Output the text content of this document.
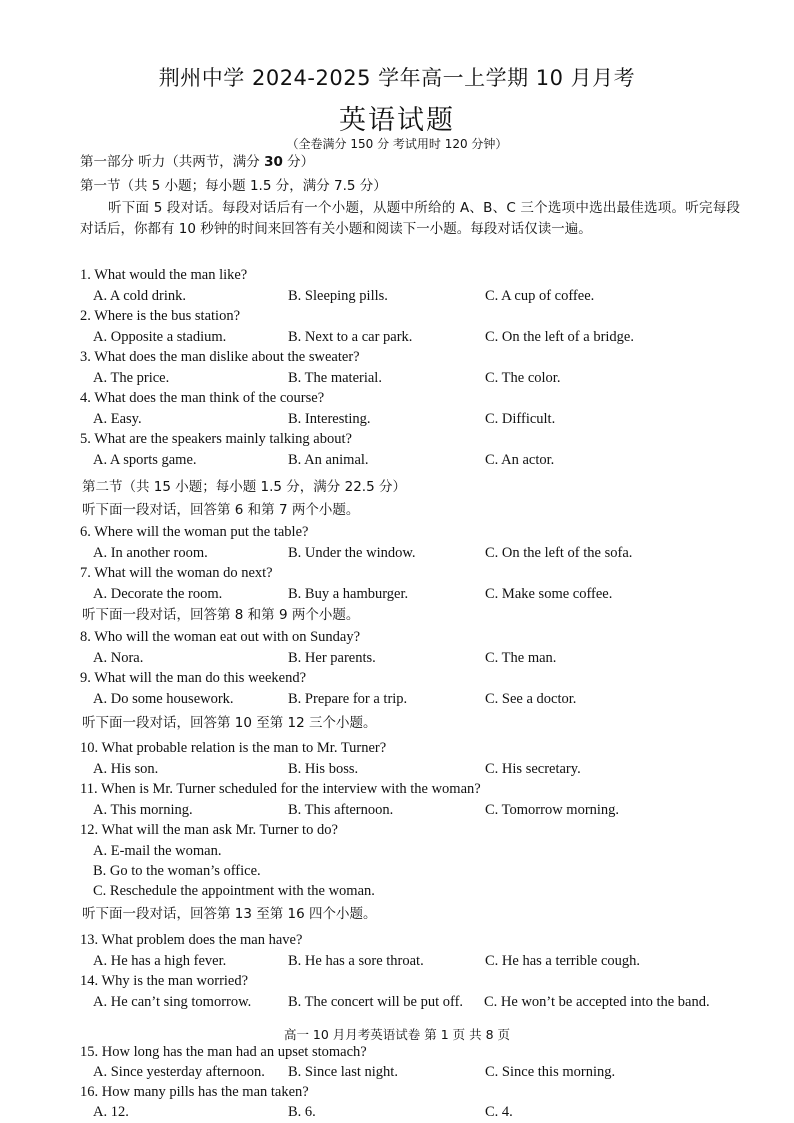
荆州中学 2024-2025 学年高一上学期 10 月月考
英语试题
（全卷满分 150 分 考试用时 120 分钟）
第一部分 听力（共两节，满分 30 分）
第一节（共 5 小题；每小题 1.5 分，满分 7.5 分）
听下面 5 段对话。每段对话后有一个小题，从题中所给的 A、B、C 三个选项中选出最佳选项。听完每段对话后，你都有 10 秒钟的时间来回答有关小题和阅读下一小题。每段对话仅读一遍。
1. What would the man like?
A. A cold drink.	B. Sleeping pills.	C. A cup of coffee.
2. Where is the bus station?
A. Opposite a stadium.	B. Next to a car park.	C. On the left of a bridge.
3. What does the man dislike about the sweater?
A. The price.	B. The material.	C. The color.
4. What does the man think of the course?
A. Easy.	B. Interesting.	C. Difficult.
5. What are the speakers mainly talking about?
A. A sports game.	B. An animal.	C. An actor.
第二节（共 15 小题；每小题 1.5 分，满分 22.5 分）
听下面一段对话，回答第 6 和第 7 两个小题。
6. Where will the woman put the table?
A. In another room.	B. Under the window.	C. On the left of the sofa.
7. What will the woman do next?
A. Decorate the room.	B. Buy a hamburger.	C. Make some coffee.
听下面一段对话，回答第 8 和第 9 两个小题。
8. Who will the woman eat out with on Sunday?
A. Nora.	B. Her parents.	C. The man.
9. What will the man do this weekend?
A. Do some housework.	B. Prepare for a trip.	C. See a doctor.
听下面一段对话，回答第 10 至第 12 三个小题。
10. What probable relation is the man to Mr. Turner?
A. His son.	B. His boss.	C. His secretary.
11. When is Mr. Turner scheduled for the interview with the woman?
A. This morning.	B. This afternoon.	C. Tomorrow morning.
12. What will the man ask Mr. Turner to do?
A. E-mail the woman.
B. Go to the woman’s office.
C. Reschedule the appointment with the woman.
听下面一段对话，回答第 13 至第 16 四个小题。
13. What problem does the man have?
A. He has a high fever.	B. He has a sore throat.	C. He has a terrible cough.
14. Why is the man worried?
A. He can’t sing tomorrow.	B. The concert will be put off. C. He won’t be accepted into the band.
高一 10 月月考英语试卷 第 1 页 共 8 页
15. How long has the man had an upset stomach?
A. Since yesterday afternoon. B. Since last night.	C. Since this morning.
16. How many pills has the man taken?
A. 12.	B. 6.	C. 4.
